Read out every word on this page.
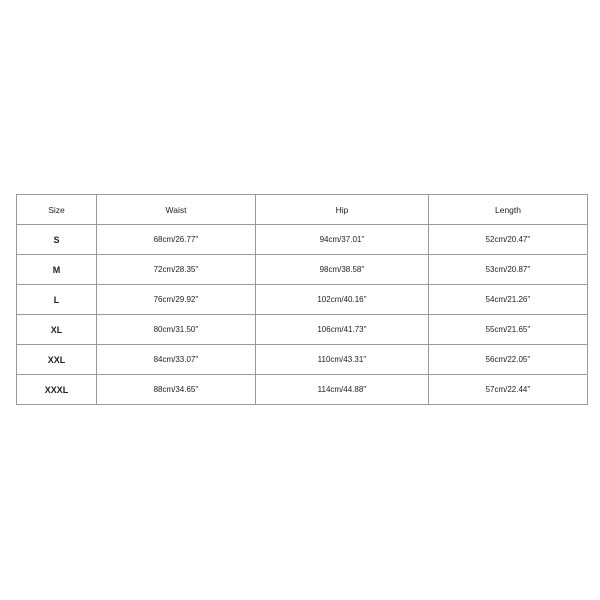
Size	Waist	Hip	Length
S	68cm/26.77''	94cm/37.01''	52cm/20.47''
M	72cm/28.35''	98cm/38.58''	53cm/20.87''
L	76cm/29.92''	102cm/40.16''	54cm/21.26''
XL	80cm/31.50''	106cm/41.73''	55cm/21.65''
XXL	84cm/33.07''	110cm/43.31''	56cm/22.05''
XXXL	88cm/34.65''	114cm/44.88''	57cm/22.44''
